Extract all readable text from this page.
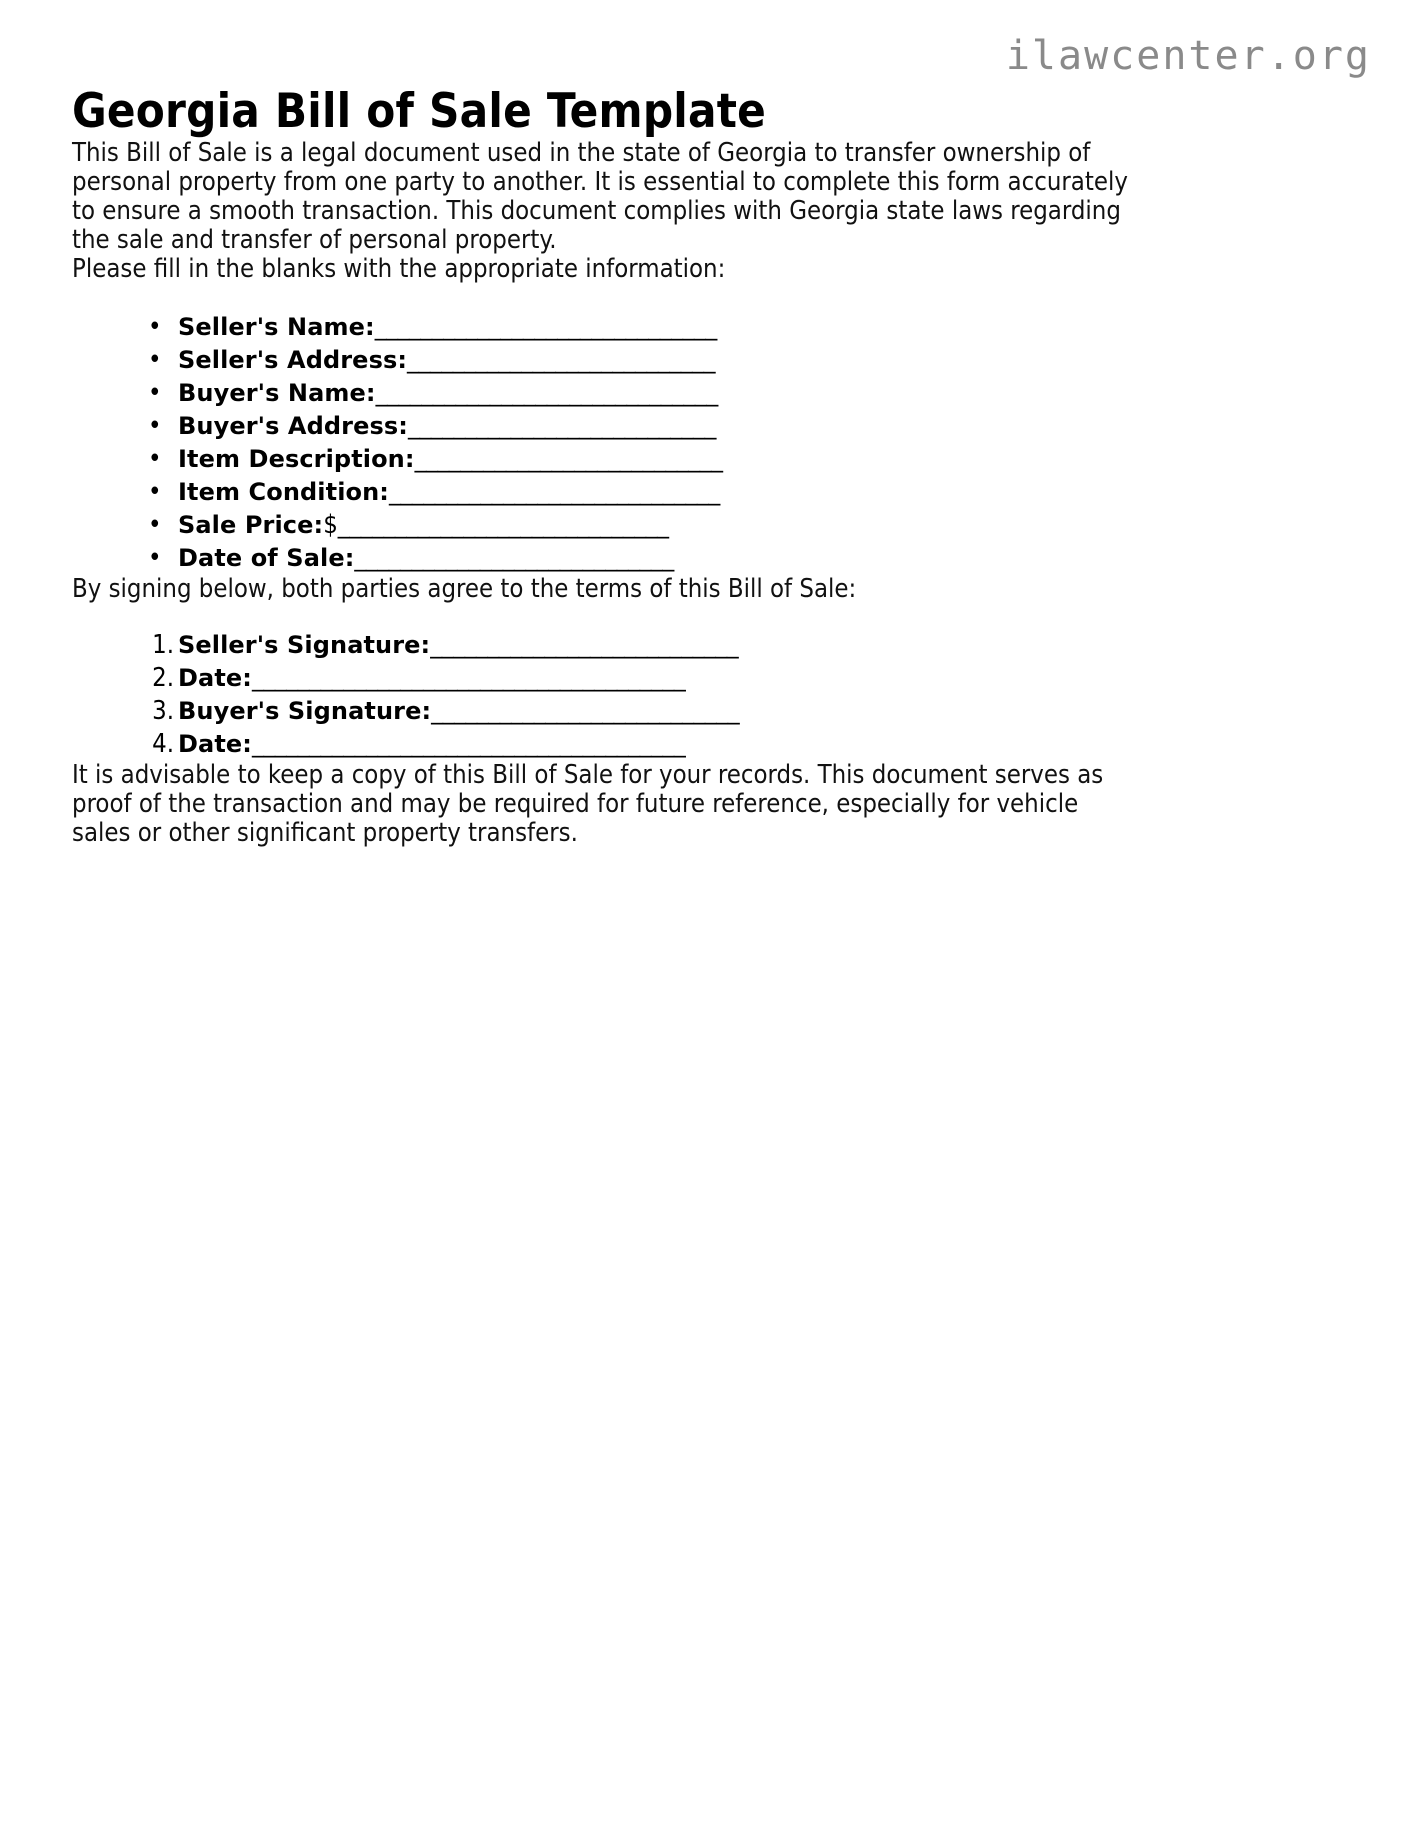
ilawcenter.org
Georgia Bill of Sale Template

This Bill of Sale is a legal document used in the state of Georgia to transfer ownership of personal property from one party to another. It is essential to complete this form accurately to ensure a smooth transaction. This document complies with Georgia state laws regarding the sale and transfer of personal property.

Please fill in the blanks with the appropriate information:

• Seller's Name:______________________________
• Seller's Address:___________________________
• Buyer's Name:______________________________
• Buyer's Address:___________________________
• Item Description:___________________________
• Item Condition:_____________________________
• Sale Price:$_____________________________
• Date of Sale:____________________________

By signing below, both parties agree to the terms of this Bill of Sale:

1. Seller's Signature:___________________________
2. Date:______________________________________
3. Buyer's Signature:___________________________
4. Date:______________________________________

It is advisable to keep a copy of this Bill of Sale for your records. This document serves as proof of the transaction and may be required for future reference, especially for vehicle sales or other significant property transfers.
